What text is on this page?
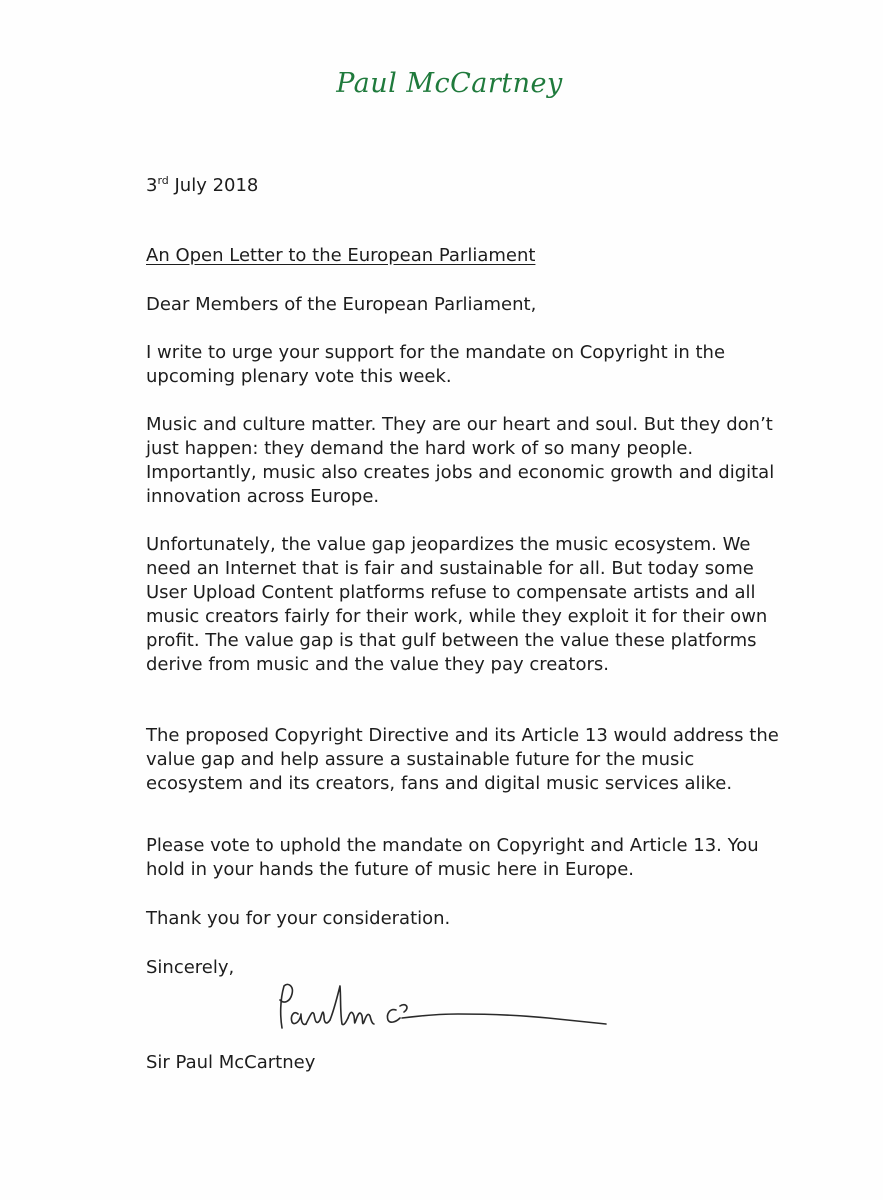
Paul McCartney

3rd July 2018

An Open Letter to the European Parliament

Dear Members of the European Parliament,

I write to urge your support for the mandate on Copyright in the upcoming plenary vote this week.

Music and culture matter. They are our heart and soul. But they don’t just happen: they demand the hard work of so many people. Importantly, music also creates jobs and economic growth and digital innovation across Europe.

Unfortunately, the value gap jeopardizes the music ecosystem. We need an Internet that is fair and sustainable for all. But today some User Upload Content platforms refuse to compensate artists and all music creators fairly for their work, while they exploit it for their own profit. The value gap is that gulf between the value these platforms derive from music and the value they pay creators.

The proposed Copyright Directive and its Article 13 would address the value gap and help assure a sustainable future for the music ecosystem and its creators, fans and digital music services alike.

Please vote to uphold the mandate on Copyright and Article 13. You hold in your hands the future of music here in Europe.

Thank you for your consideration.

Sincerely,

Sir Paul McCartney
